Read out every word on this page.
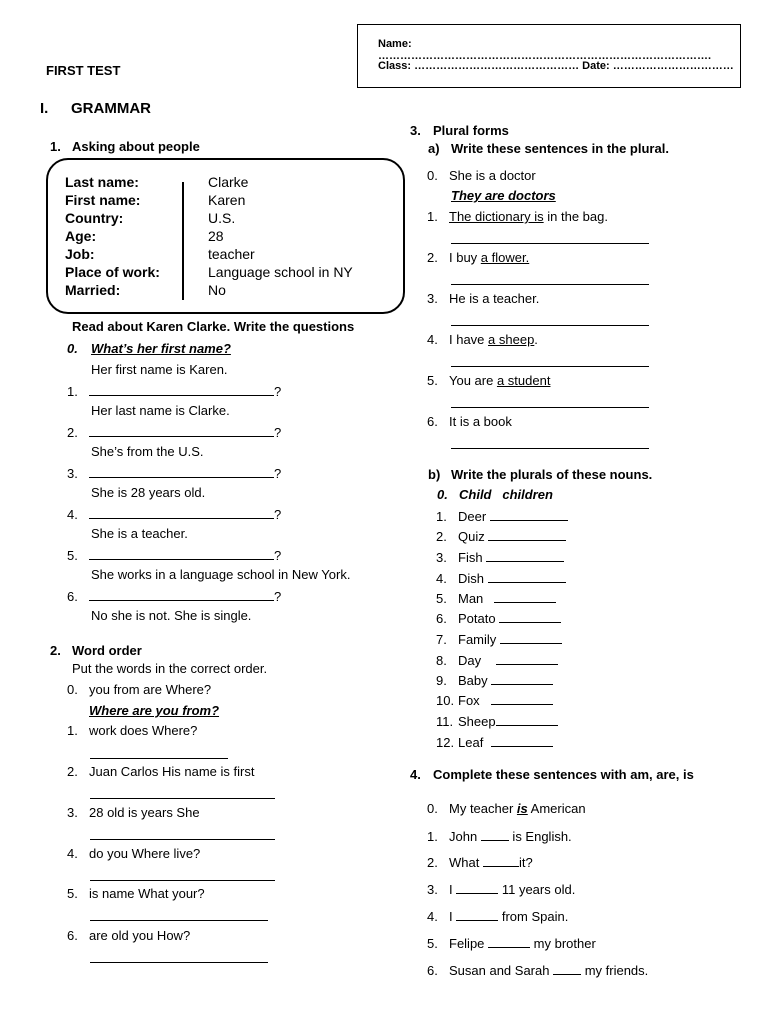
FIRST TEST
Name: ……………………………………………………………………………….
Class: ……………………………………… Date: ……………………………
I. GRAMMAR
1. Asking about people
Last name:	Clarke
First name:	Karen
Country:	U.S.
Age:	28
Job:	teacher
Place of work:	Language school in NY
Married:	No
Read about Karen Clarke. Write the questions
0. What’s her first name?
Her first name is Karen.
1.	?
Her last name is Clarke.
2.	?
She’s from the U.S.
3.	?
She is 28 years old.
4.	?
She is a teacher.
5.	?
She works in a language school in New York.
6.	?
No she is not. She is single.
2. Word order
Put the words in the correct order.
0. you from are Where?
Where are you from?
1. work does Where?
2. Juan Carlos His name is first
3. 28 old is years She
4. do you Where live?
5. is name What your?
6. are old you How?
3. Plural forms
a) Write these sentences in the plural.
0. She is a doctor
They are doctors
1. The dictionary is in the bag.
2. I buy a flower.
3. He is a teacher.
4. I have a sheep.
5. You are a student
6. It is a book
b) Write the plurals of these nouns.
0. Child children
1. Deer
2. Quiz
3. Fish
4. Dish
5. Man
6. Potato
7. Family
8. Day
9. Baby
10. Fox
11. Sheep
12. Leaf
4. Complete these sentences with am, are, is
0. My teacher is American
1. John  is English.
2. What	it?
3. I	11 years old.
4. I	from Spain.
5. Felipe	my brother
6. Susan and Sarah  my friends.
